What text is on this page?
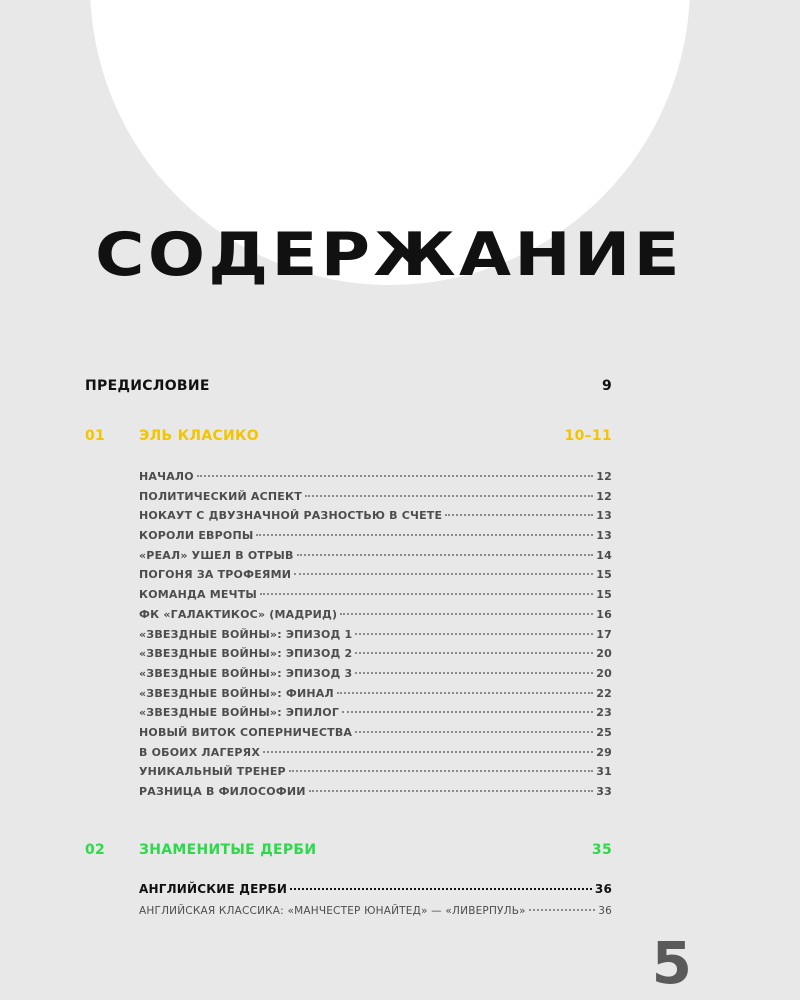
СОДЕРЖАНИЕ
ПРЕДИСЛОВИЕ	9
01	ЭЛЬ КЛАСИКО	10–11
НАЧАЛО	12
ПОЛИТИЧЕСКИЙ АСПЕКТ	12
НОКАУТ С ДВУЗНАЧНОЙ РАЗНОСТЬЮ В СЧЕТЕ	13
КОРОЛИ ЕВРОПЫ	13
«РЕАЛ» УШЕЛ В ОТРЫВ	14
ПОГОНЯ ЗА ТРОФЕЯМИ	15
КОМАНДА МЕЧТЫ	15
ФК «ГАЛАКТИКОС» (МАДРИД)	16
«ЗВЕЗДНЫЕ ВОЙНЫ»: ЭПИЗОД 1	17
«ЗВЕЗДНЫЕ ВОЙНЫ»: ЭПИЗОД 2	20
«ЗВЕЗДНЫЕ ВОЙНЫ»: ЭПИЗОД 3	20
«ЗВЕЗДНЫЕ ВОЙНЫ»: ФИНАЛ	22
«ЗВЕЗДНЫЕ ВОЙНЫ»: ЭПИЛОГ	23
НОВЫЙ ВИТОК СОПЕРНИЧЕСТВА	25
В ОБОИХ ЛАГЕРЯХ	29
УНИКАЛЬНЫЙ ТРЕНЕР	31
РАЗНИЦА В ФИЛОСОФИИ	33
02	ЗНАМЕНИТЫЕ ДЕРБИ	35
АНГЛИЙСКИЕ ДЕРБИ	36
АНГЛИЙСКАЯ КЛАССИКА: «МАНЧЕСТЕР ЮНАЙТЕД» — «ЛИВЕРПУЛЬ»	36
5
